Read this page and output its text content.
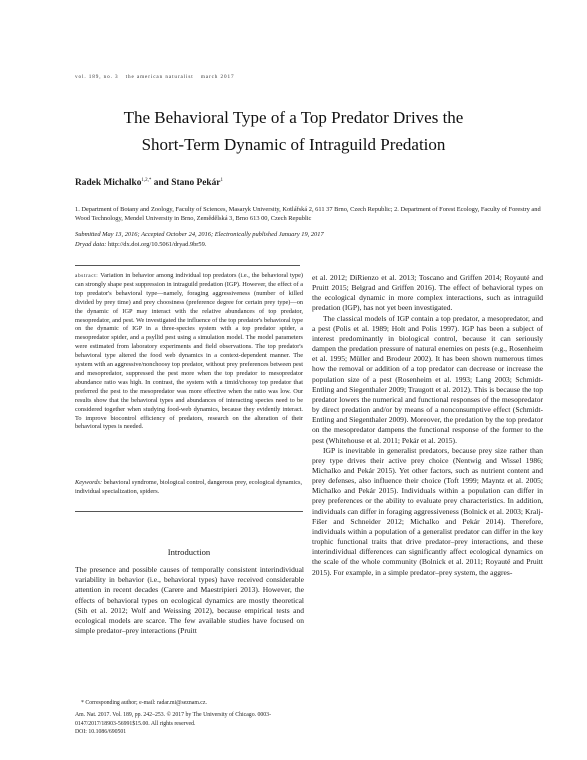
vol. 189, no. 3 the american naturalist march 2017
The Behavioral Type of a Top Predator Drives the
Short-Term Dynamic of Intraguild Predation
Radek Michalko$^{1,2,*}$ and Stano Pekár$^1$
1. Department of Botany and Zoology, Faculty of Sciences, Masaryk University, Kotlářská 2, 611 37 Brno, Czech Republic; 2. Department of Forest Ecology, Faculty of Forestry and Wood Technology, Mendel University in Brno, Zemědělská 3, Brno 613 00, Czech Republic
Submitted May 13, 2016; Accepted October 24, 2016; Electronically published January 19, 2017
Dryad data: http://dx.doi.org/10.5061/dryad.9br59.
abstract: Variation in behavior among individual top predators (i.e., the behavioral type) can strongly shape pest suppression in intraguild predation (IGP). However, the effect of a top predator's behavioral type—namely, foraging aggressiveness (number of killed divided by prey time) and prey choosiness (preference degree for certain prey type)—on the dynamic of IGP may interact with the relative abundances of top predator, mesopredator, and pest. We investigated the influence of the top predator's behavioral type on the dynamic of IGP in a three-species system with a top predator spider, a mesopredator spider, and a psyllid pest using a simulation model. The model parameters were estimated from laboratory experiments and field observations. The top predator's behavioral type altered the food web dynamics in a context-dependent manner. The system with an aggressive/nonchoosy top predator, without prey preferences between pest and mesopredator, suppressed the pest more when the top predator to mesopredator abundance ratio was high. In contrast, the system with a timid/choosy top predator that preferred the pest to the mesopredator was more effective when the ratio was low. Our results show that the behavioral types and abundances of interacting species need to be considered together when studying food-web dynamics, because they evidently interact. To improve biocontrol efficiency of predators, research on the alteration of their behavioral types is needed.
Keywords: behavioral syndrome, biological control, dangerous prey, ecological dynamics, individual specialization, spiders.
Introduction
The presence and possible causes of temporally consistent interindividual variability in behavior (i.e., behavioral types) have received considerable attention in recent decades (Carere and Maestripieri 2013). However, the effects of behavioral types on ecological dynamics are mostly theoretical (Sih et al. 2012; Wolf and Weissing 2012), because empirical tests and ecological models are scarce. The few available studies have focused on simple predator–prey interactions (Pruitt
* Corresponding author; e-mail: radar.mi@seznam.cz.
Am. Nat. 2017. Vol. 189, pp. 242–253. © 2017 by The University of Chicago. 0003-0147/2017/18903-56991$15.00. All rights reserved.
DOI: 10.1086/690501

et al. 2012; DiRienzo et al. 2013; Toscano and Griffen 2014; Royauté and Pruitt 2015; Belgrad and Griffen 2016). The effect of behavioral types on the ecological dynamic in more complex interactions, such as intraguild predation (IGP), has not yet been investigated.

The classical models of IGP contain a top predator, a mesopredator, and a pest (Polis et al. 1989; Holt and Polis 1997). IGP has been a subject of interest predominantly in biological control, because it can seriously dampen the predation pressure of natural enemies on pests (e.g., Rosenheim et al. 1995; Müller and Brodeur 2002). It has been shown numerous times how the removal or addition of a top predator can decrease or increase the population size of a pest (Rosenheim et al. 1993; Lang 2003; Schmidt-Entling and Siegenthaler 2009; Traugott et al. 2012). This is because the top predator lowers the numerical and functional responses of the mesopredator by direct predation and/or by means of a nonconsumptive effect (Schmidt-Entling and Siegenthaler 2009). Moreover, the predation by the top predator on the mesopredator dampens the functional response of the former to the pest (Whitehouse et al. 2011; Pekár et al. 2015).

IGP is inevitable in generalist predators, because prey size rather than prey type drives their active prey choice (Nentwig and Wissel 1986; Michalko and Pekár 2015). Yet other factors, such as nutrient content and prey defenses, also influence their choice (Toft 1999; Mayntz et al. 2005; Michalko and Pekár 2015). Individuals within a population can differ in prey preferences or the ability to evaluate prey characteristics. In addition, individuals can differ in foraging aggressiveness (Bolnick et al. 2003; Kralj-Fišer and Schneider 2012; Michalko and Pekár 2014). Therefore, individuals within a population of a generalist predator can differ in the key trophic functional traits that drive predator–prey interactions, and these interindividual differences can significantly affect ecological dynamics on the scale of the whole community (Bolnick et al. 2011; Royauté and Pruitt 2015). For example, in a simple predator–prey system, the aggres-
